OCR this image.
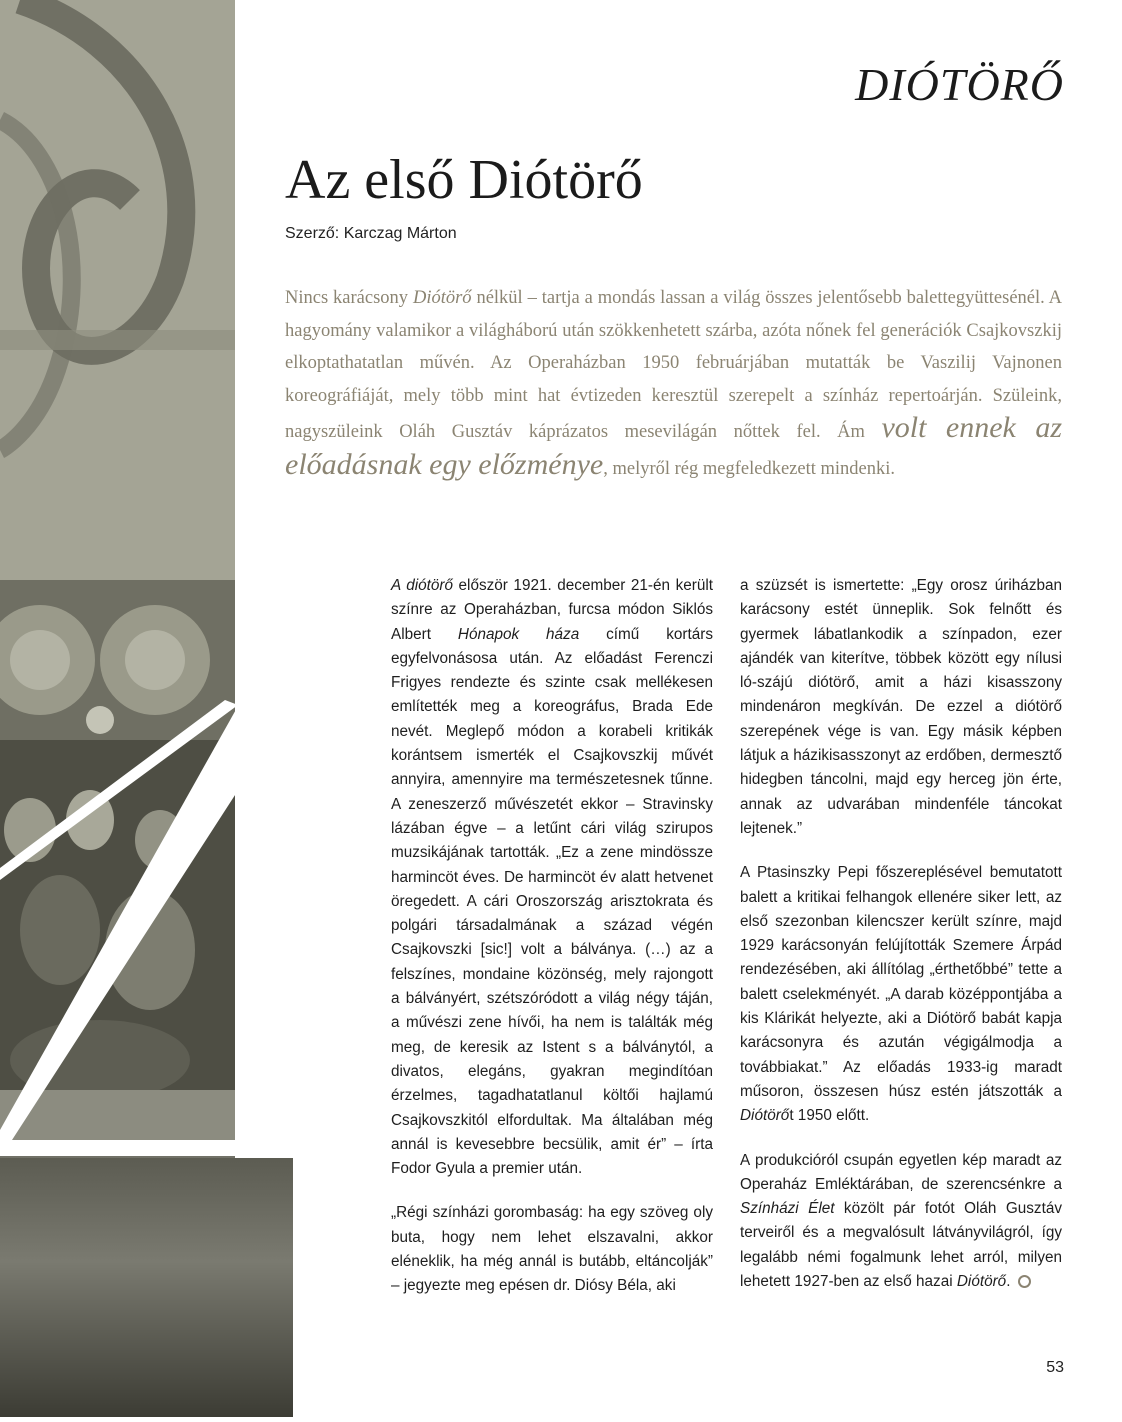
DIÓTÖRŐ
Az első Diótörő
Szerző: Karczag Márton
Nincs karácsony Diótörő nélkül – tartja a mondás lassan a világ összes jelentősebb balettegyüttesénél. A hagyomány valamikor a világháború után szökkenhetett szárba, azóta nőnek fel generációk Csajkovszkij elkoptathatatlan művén. Az Operaházban 1950 februárjában mutatták be Vaszilij Vajnonen koreográfiáját, mely több mint hat évtizeden keresztül szerepelt a színház repertoárján. Szüleink, nagyszüleink Oláh Gusztáv káprázatos mesevilágán nőttek fel. Ám volt ennek az előadásnak egy előzménye, melyről rég megfeledkezett mindenki.

A diótörő először 1921. december 21-én került színre az Operaházban, furcsa módon Siklós Albert Hónapok háza című kortárs egyfelvonásosa után. Az előadást Ferenczi Frigyes rendezte és szinte csak mellékesen említették meg a koreográfus, Brada Ede nevét. Meglepő módon a korabeli kritikák korántsem ismerték el Csajkovszkij művét annyira, amennyire ma természetesnek tűnne. A zeneszerző művészetét ekkor – Stravinsky lázában égve – a letűnt cári világ szirupos muzsikájának tartották. „Ez a zene mindössze harmincöt éves. De harmincöt év alatt hetvenet öregedett. A cári Oroszország arisztokrata és polgári társadalmának a század végén Csajkovszki [sic!] volt a bálványa. (…) az a felszínes, mondaine közönség, mely rajongott a bálványért, szétszóródott a világ négy táján, a művészi zene hívői, ha nem is találták még meg, de keresik az Istent s a bálványtól, a divatos, elegáns, gyakran megindítóan érzelmes, tagadhatatlanul költői hajlamú Csajkovszkitól elfordultak. Ma általában még annál is kevesebbre becsülik, amit ér” – írta Fodor Gyula a premier után.

„Régi színházi gorombaság: ha egy szöveg oly buta, hogy nem lehet elszavalni, akkor eléneklik, ha még annál is butább, eltáncolják” – jegyezte meg epésen dr. Diósy Béla, aki

a szüzsét is ismertette: „Egy orosz úriházban karácsony estét ünneplik. Sok felnőtt és gyermek lábatlankodik a színpadon, ezer ajándék van kiterítve, többek között egy nílusi ló-szájú diótörő, amit a házi kisasszony mindenáron megkíván. De ezzel a diótörő szerepének vége is van. Egy másik képben látjuk a házikisasszonyt az erdőben, dermesztő hidegben táncolni, majd egy herceg jön érte, annak az udvarában mindenféle táncokat lejtenek.”

A Ptasinszky Pepi főszereplésével bemutatott balett a kritikai felhangok ellenére siker lett, az első szezonban kilencszer került színre, majd 1929 karácsonyán felújították Szemere Árpád rendezésében, aki állítólag „érthetőbbé” tette a balett cselekményét. „A darab középpontjába a kis Klárikát helyezte, aki a Diótörő babát kapja karácsonyra és azután végigálmodja a továbbiakat.” Az előadás 1933-ig maradt műsoron, összesen húsz estén játszották a Diótörőt 1950 előtt.

A produkcióról csupán egyetlen kép maradt az Operaház Emléktárában, de szerencsénkre a Színházi Élet közölt pár fotót Oláh Gusztáv terveiről és a megvalósult látványvilágról, így legalább némi fogalmunk lehet arról, milyen lehetett 1927-ben az első hazai Diótörő.

53
